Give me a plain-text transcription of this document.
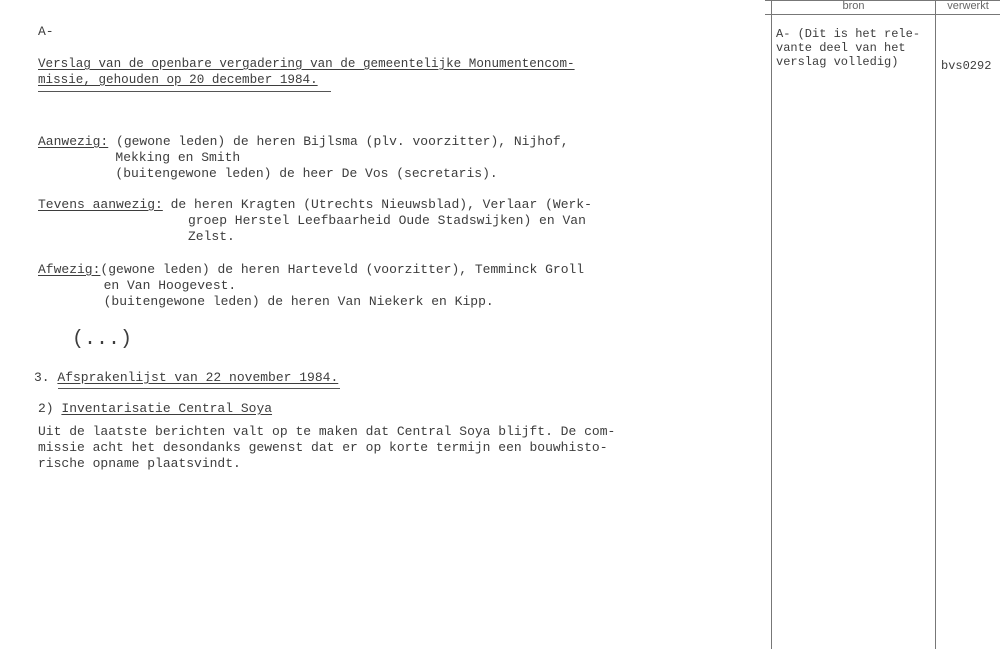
bron	verwerkt
A- (Dit is het rele-
vante deel van het
verslag volledig)	bvs0292
A-
Verslag van de openbare vergadering van de gemeentelijke Monumentencom-
missie, gehouden op 20 december 1984.
Aanwezig: (gewone leden) de heren Bijlsma (plv. voorzitter), Nijhof,
Mekking en Smith
(buitengewone leden) de heer De Vos (secretaris).
Tevens aanwezig: de heren Kragten (Utrechts Nieuwsblad), Verlaar (Werk-
groep Herstel Leefbaarheid Oude Stadswijken) en Van
Zelst.
Afwezig:(gewone leden) de heren Harteveld (voorzitter), Temminck Groll
en Van Hoogevest.
(buitengewone leden) de heren Van Niekerk en Kipp.
(...)
3. Afsprakenlijst van 22 november 1984.
2) Inventarisatie Central Soya
Uit de laatste berichten valt op te maken dat Central Soya blijft. De com-
missie acht het desondanks gewenst dat er op korte termijn een bouwhisto-
rische opname plaatsvindt.
